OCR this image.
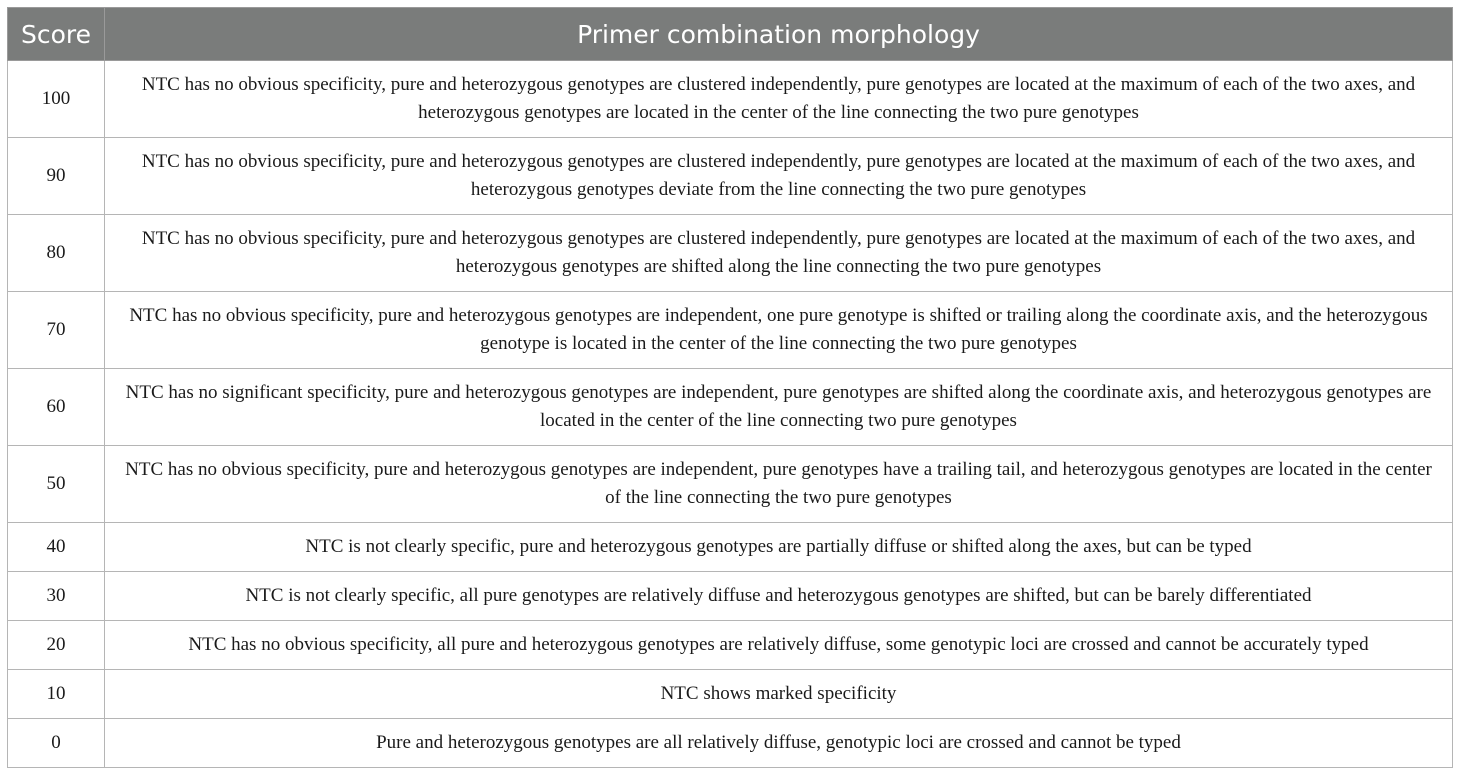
Score	Primer combination morphology
100	NTC has no obvious specificity, pure and heterozygous genotypes are clustered independently, pure genotypes are located at the maximum of each of the two axes, and heterozygous genotypes are located in the center of the line connecting the two pure genotypes
90	NTC has no obvious specificity, pure and heterozygous genotypes are clustered independently, pure genotypes are located at the maximum of each of the two axes, and heterozygous genotypes deviate from the line connecting the two pure genotypes
80	NTC has no obvious specificity, pure and heterozygous genotypes are clustered independently, pure genotypes are located at the maximum of each of the two axes, and heterozygous genotypes are shifted along the line connecting the two pure genotypes
70	NTC has no obvious specificity, pure and heterozygous genotypes are independent, one pure genotype is shifted or trailing along the coordinate axis, and the heterozygous genotype is located in the center of the line connecting the two pure genotypes
60	NTC has no significant specificity, pure and heterozygous genotypes are independent, pure genotypes are shifted along the coordinate axis, and heterozygous genotypes are located in the center of the line connecting two pure genotypes
50	NTC has no obvious specificity, pure and heterozygous genotypes are independent, pure genotypes have a trailing tail, and heterozygous genotypes are located in the center of the line connecting the two pure genotypes
40	NTC is not clearly specific, pure and heterozygous genotypes are partially diffuse or shifted along the axes, but can be typed
30	NTC is not clearly specific, all pure genotypes are relatively diffuse and heterozygous genotypes are shifted, but can be barely differentiated
20	NTC has no obvious specificity, all pure and heterozygous genotypes are relatively diffuse, some genotypic loci are crossed and cannot be accurately typed
10	NTC shows marked specificity
0	Pure and heterozygous genotypes are all relatively diffuse, genotypic loci are crossed and cannot be typed
